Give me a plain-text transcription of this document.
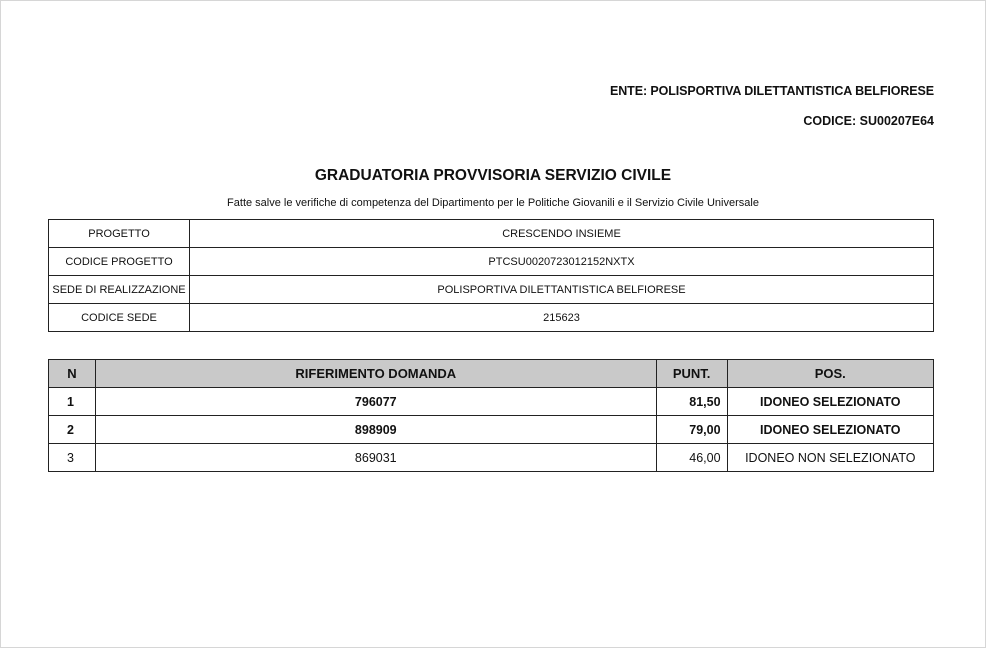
ENTE: POLISPORTIVA DILETTANTISTICA BELFIORESE
CODICE: SU00207E64
GRADUATORIA PROVVISORIA SERVIZIO CIVILE
Fatte salve le verifiche di competenza del Dipartimento per le Politiche Giovanili e il Servizio Civile Universale
PROGETTO	CRESCENDO INSIEME
CODICE PROGETTO	PTCSU0020723012152NXTX
SEDE DI REALIZZAZIONE	POLISPORTIVA DILETTANTISTICA BELFIORESE
CODICE SEDE	215623
N	RIFERIMENTO DOMANDA	PUNT.	POS.
1	796077	81,50	IDONEO SELEZIONATO
2	898909	79,00	IDONEO SELEZIONATO
3	869031	46,00	IDONEO NON SELEZIONATO
